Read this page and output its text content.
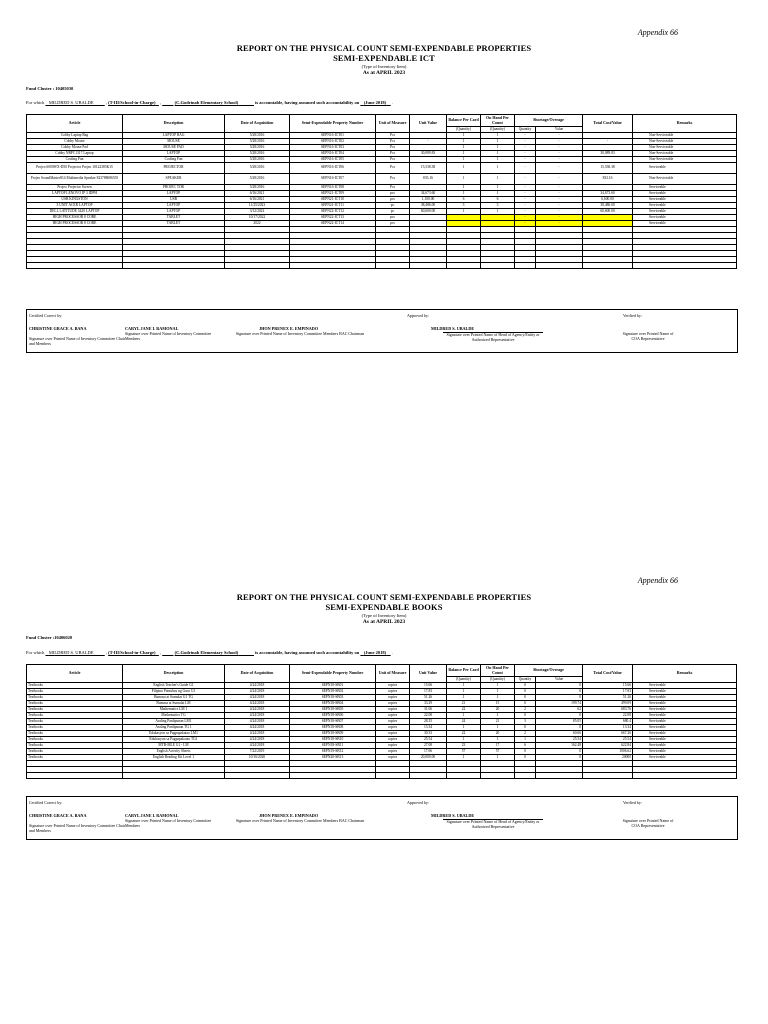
Appendix 66
REPORT ON THE PHYSICAL COUNT SEMI-EXPENDABLE PROPERTIES
SEMI-EXPENDABLE ICT
(Type of Inventory Item)
As at APRIL 2023
Fund Cluster : 10405030
For which MILDRED S. UBALDE	, (T-III/School-in-Charge)    ,	(C.Godrinab Elementary School)	is accountable, having assumed such accountability on (June 2018)     .
Article	Description	Date of Acquisition	Semi-Expendable Property Number	Unit of Measure	Unit Value	Balance Per Card	On Hand Per Count	Shortage/Overage		Total Cost/Value	Remarks
						(Quantity)	(Quantity)	Quantity	Value		
Cobby Laptop Bag	LAPTOP BAG	5/28/2016	SEPN16-ICT01	Pcs		1	1	-	-		Non-Serviceable
Cobby Mouse	MOUSE	5/28/2016	SEPN16-ICT02	Pcs	-	1	1	-	-	-	Non-Serviceable
Cobby Mouse Pad	MOUSE PAD	5/28/2016	SEPN16-ICT03	Pcs		1	1	-	-		Non-Serviceable
Cobby NBPC1317 Laptop	LAPTOP	5/28/2016	SEPN16-ICT04	Pcs	30,089.83	1	1	-	-	30,089.83	Non-Serviceable
Cooling Fan	Cooling Fan	5/28/2016	SEPN16-ICT05	Pcs		1	1	-	-		Non-Serviceable
Projeo 6000WX-D50 Projector Projeo 10122385K15	PROJECTOR	5/28/2016	SEPN16-ICT06	Pcs	15,538.38	1	1	-	-	15,538.38	Serviceable
Projeo SoundMaster814 Multimedia Speaker 823788686535	SPEAKER	5/28/2016	SEPN16-ICT07	Pcs	833.16	1	1	-	-	833.16	Non-Serviceable
Projeo Projector Screen	PROJEC TOR	5/28/2016	SEPN16-ICT08	Pcs		1	1	-	-		Serviceable
LAPTOP LENOVO IP 3 IDPH	LAPTOP	6/16/2021	SEPN21-ICT09	pcs	34,673.60	1	1	-	-	34,673.60	Serviceable
USB KINGSTON	USB	6/16/2021	SEPN21-ICT10	pcs	1,100.00	6	6	-	-	6,600.00	Serviceable
3 UNIT ACER LAPTOP	LAPTOP	11/25/2023	SEPN21-ICT11	pc	38,486.00	3	3	-	-	38,486.00	Serviceable
DELL LATITUDE 3420 LAPTOP	LAPTOP	3/12/2022	SEPN22-ICT12	pc	60,600.00	1	1	-	-	60,600.00	Serviceable
HIGH PROCESSOR 8 CORE	TABLET	10/17/2022	SEPN22-ICT13	pcs				-	-		Serviceable
HIGH PROCESSOR 8 CORE	TABLET	2022	SEPN22-ICT14	pcs				-	-		Serviceable

Certified Correct by:	Approved by:	Verified by:
CHRISTINE GRACE A. BANA	CARYL JANE I. RAMONAL	JHON PRENEX E. EMPINADO	MILDRED S. UBALDE
Signature over Printed Name of Inventory Committee Chair and Members
Signature over Printed Name of Inventory Committee Members
Signature over Printed Name of Inventory Committee Members BAC Chairman	Signature over Printed Name of Head of Agency/Entity or Authorized Representative
Signature over Printed Name of COA Representative
Appendix 66
REPORT ON THE PHYSICAL COUNT SEMI-EXPENDABLE PROPERTIES
SEMI-EXPENDABLE BOOKS
(Type of Inventory Item)
As at APRIL 2023
Fund Cluster :10406020
For which MILDRED S. UBALDE	, (T-III/School-in-Charge)    ,	(C.Godrinab Elementary School)	is accountable, having assumed such accountability on (June 2018)     .
Article	Description	Date of Acquisition	Semi-Expendable Property Number	Unit of Measure	Unit Value	Balance Per Card	On Hand Per Count	Shortage/Overage		Total Cost/Value	Remarks
						(Quantity)	(Quantity)	Quantity	Value		
Textbooks	English Teacher's Guide G1	4/24/2018	SEPN18-SB01	copies	15.66	1	1	0	0	15.66	Serviceable
Textbooks	Filipino Patnubay ng Guro G1	4/24/2018	SEPN18-SB02	copies	17.83	1	1	0	0	17.83	Serviceable
Textbooks	Bumasa at Sumulat G1 TG	4/24/2018	SEPN18-SB03	copies	51.26	1	1	0	0	51.26	Serviceable
Textbooks	Bumasa at Sumulat LM	4/24/2018	SEPN18-SB04	copies	33.29	21	15	6	199.74	499.09	Serviceable
Textbooks	Mathematics LM 1	4/24/2018	SEPN18-SB05	copies	31.06	22	20	2	62	683.76	Serviceable
Textbooks	Mathematics TG	4/24/2018	SEPN18-SB06	copies	22.08	1	1	0	0	22.08	Serviceable
Textbooks	Araling Panlipunan LM1	4/24/2018	SEPN18-SB07	copies	28.35	24	21	3	85.05	680.4	Serviceable
Textbooks	Araling Panlipunan TG 1	4/24/2018	SEPN18-SB08	copies	13.34	1	1	0	0	13.34	Serviceable
Textbooks	Edukasyon sa Pagpapakatao LM1	4/24/2018	SEPN18-SB09	copies	30.33	22	20	2	60.66	667.26	Serviceable
Textbooks	Edukasyon sa Pagpapakatao TG1	4/24/2018	SEPN18-SB10	copies	25.54	1	1	1	25.54	25.54	Serviceable
Textbooks	MTB-MLE G1 - LM	4/24/2018	SEPN18-SB11	copies	27.08	23	17	6	162.48	622.84	Serviceable
Textbooks	English Activity Sheets	7/22/2019	SEPN19-SB12	copies	17.66	57	57	0	0	1006.62	Serviceable
Textbooks	English Reading Kit Level 1	10/16/2020	SEPN20-SB13	copies	20,000.00	1	1	0	0	20000	Serviceable

Certified Correct by:	Approved by:	Verified by:
CHRISTINE GRACE A. BANA	CARYL JANE I. RAMONAL	JHON PRENEX E. EMPINADO	MILDRED S. UBALDE
Signature over Printed Name of Inventory Committee Chair and Members
Signature over Printed Name of Inventory Committee Members
Signature over Printed Name of Inventory Committee Members BAC Chairman	Signature over Printed Name of Head of Agency/Entity or Authorized Representative
Signature over Printed Name of COA Representative
